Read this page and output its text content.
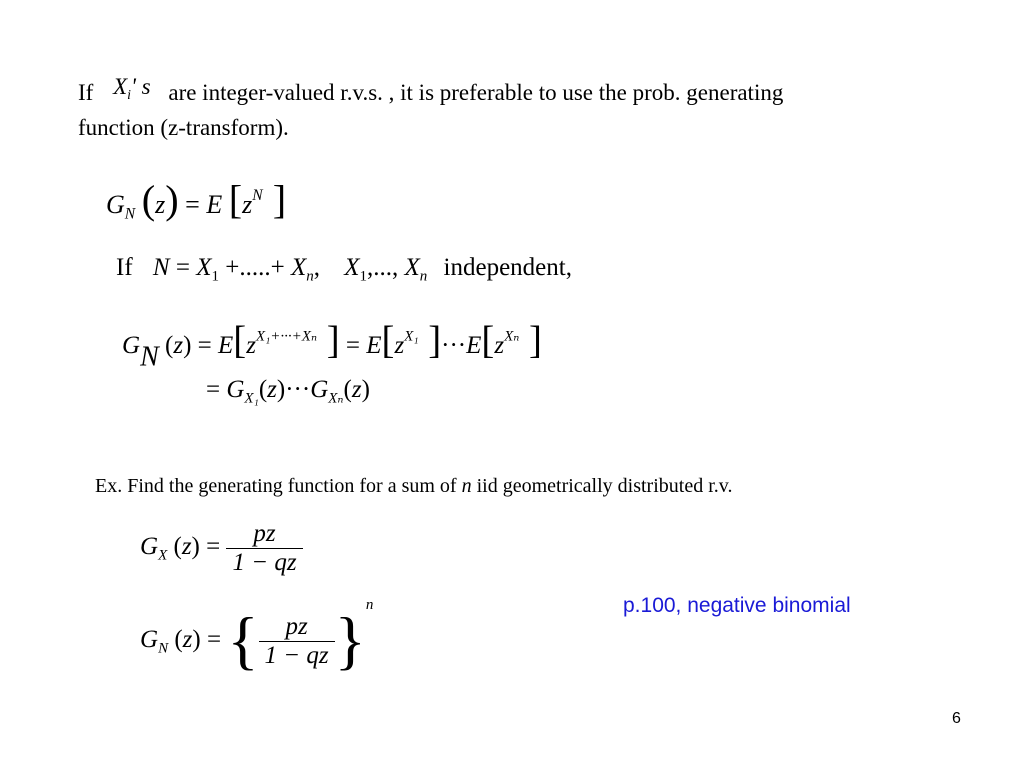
If $X_i'$ s are integer-valued r.v.s. , it is preferable to use the prob. generating
function (z-transform).
$G_N$ (z) = E [$z^N$ ]
If $N = X_1$ +.....+ $X_n$, $X_1$,..., $X_n$ independent,
GN $(z) = E[z^{X_1+\cdot\cdot\cdot+X_n}$ ] = $E[z^{X_1}$ ]$\cdot\cdot\cdot E[z^{X_n}$ ]
= $G_{X_1}(z)\cdot\cdot\cdot G_{X_n}(z)$
Ex. Find the generating function for a sum of n iid geometrically distributed r.v.
$G_X$ $(z) = \frac{pz}{1 - qz}$
$G_N$ (z) = { $\frac{pz}{1 - qz} \}^n$	p.100, negative binomial
6
